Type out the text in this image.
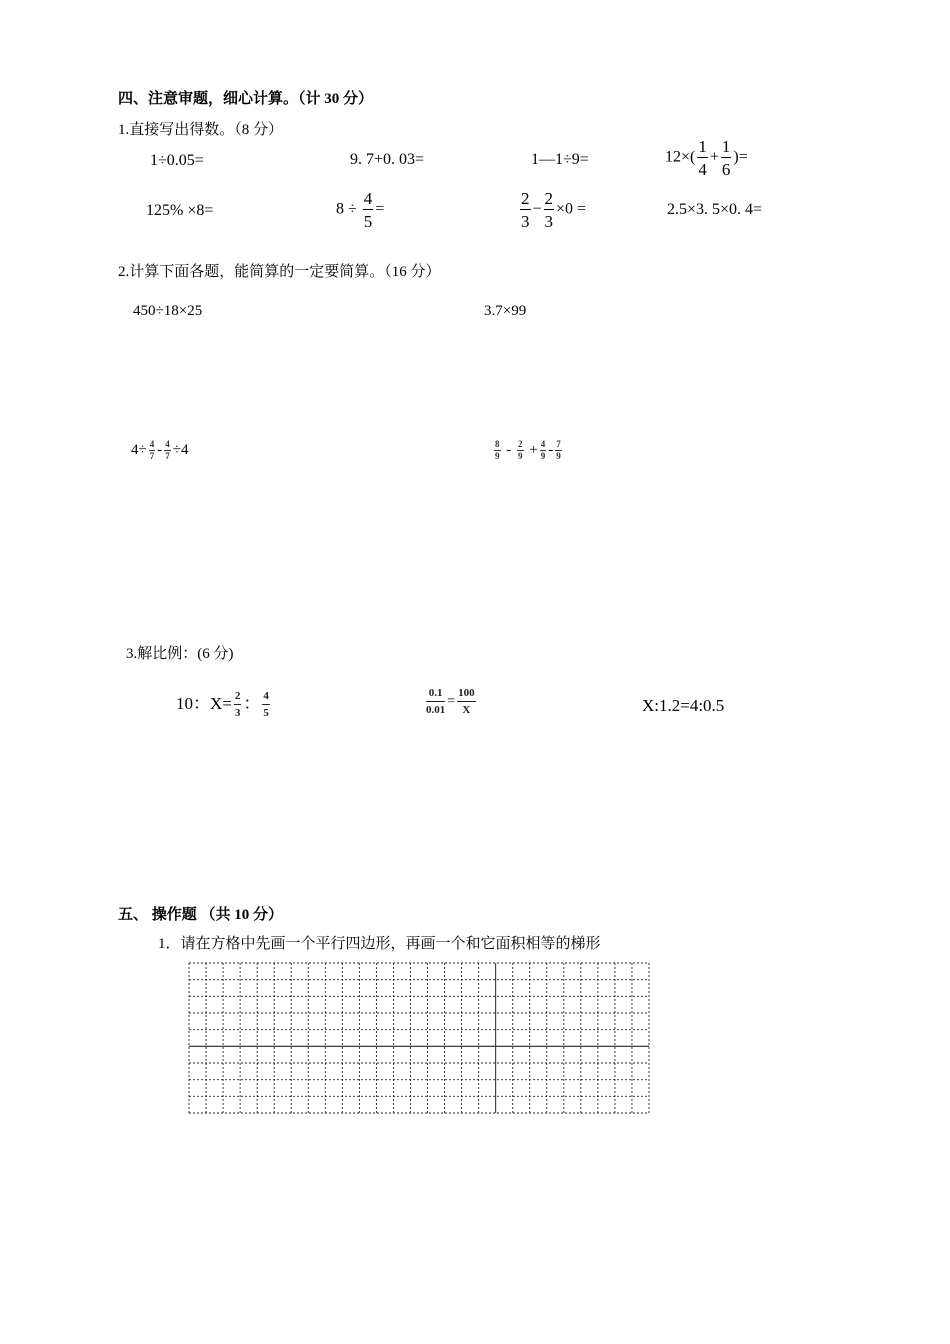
四、注意审题，细心计算。（计 30 分）
1.直接写出得数。（8 分）
1÷0.05=	9. 7+0. 03=	1—1÷9=	$12\times( \frac{1}{4} + \frac{1}{6}$ )=
125% ×8=	$8 \div \frac{4}{5}$ =	$\frac{2}{3} - \frac{2}{3} \times 0$ =	2.5×3. 5×0. 4=
2.计算下面各题，能简算的一定要简算。（16 分）
450÷18×25	3.7×99
$4\div \frac{4}{7} - \frac{4}{7} \div 4$	$\frac{8}{9} - \frac{2}{9} + \frac{4}{9} - \frac{7}{9}$
3.解比例：(6 分)
10：$X= \frac{2}{3}$ ： $\frac{4}{5}$	$\frac{0.1}{0.01} = \frac{100}{X}$	X:1.2=4:0.5
五、 操作题 （共 10 分）
1．请在方格中先画一个平行四边形，再画一个和它面积相等的梯形
